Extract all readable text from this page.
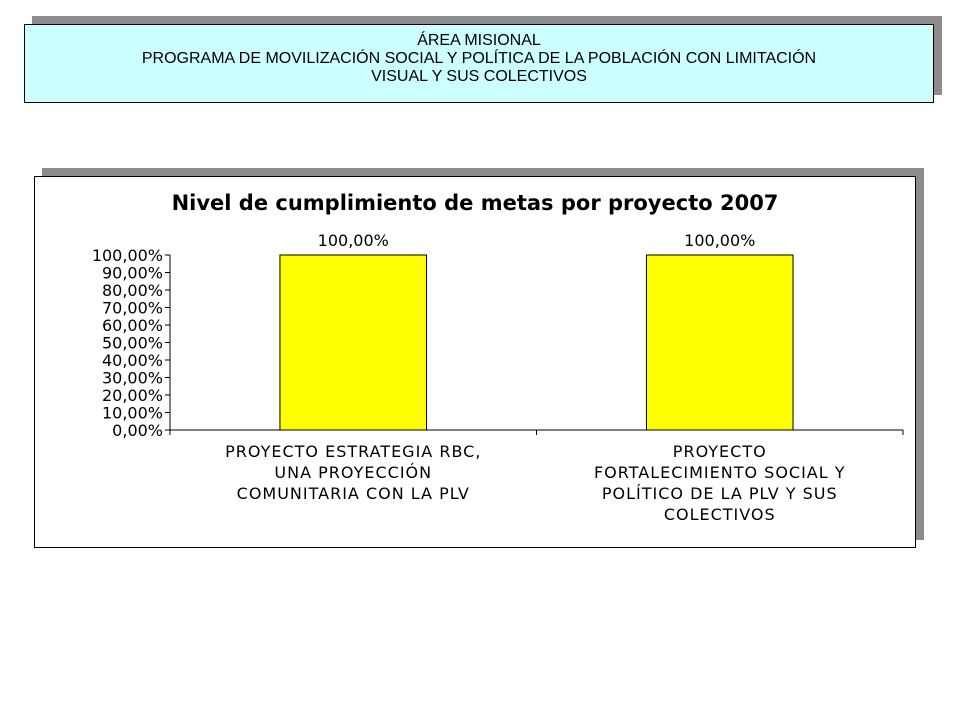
ÁREA MISIONAL
PROGRAMA DE MOVILIZACIÓN SOCIAL Y POLÍTICA DE LA POBLACIÓN CON LIMITACIÓN
VISUAL Y SUS COLECTIVOS
Nivel de cumplimiento de metas por proyecto 2007
0,00%
10,00%
20,00%
30,00%
40,00%
50,00%
60,00%
70,00%
80,00%
90,00%
100,00%
100,00%
PROYECTO ESTRATEGIA RBC,
UNA PROYECCIÓN
COMUNITARIA CON LA PLV
100,00%
PROYECTO
FORTALECIMIENTO SOCIAL Y
POLÍTICO DE LA PLV Y SUS
COLECTIVOS
